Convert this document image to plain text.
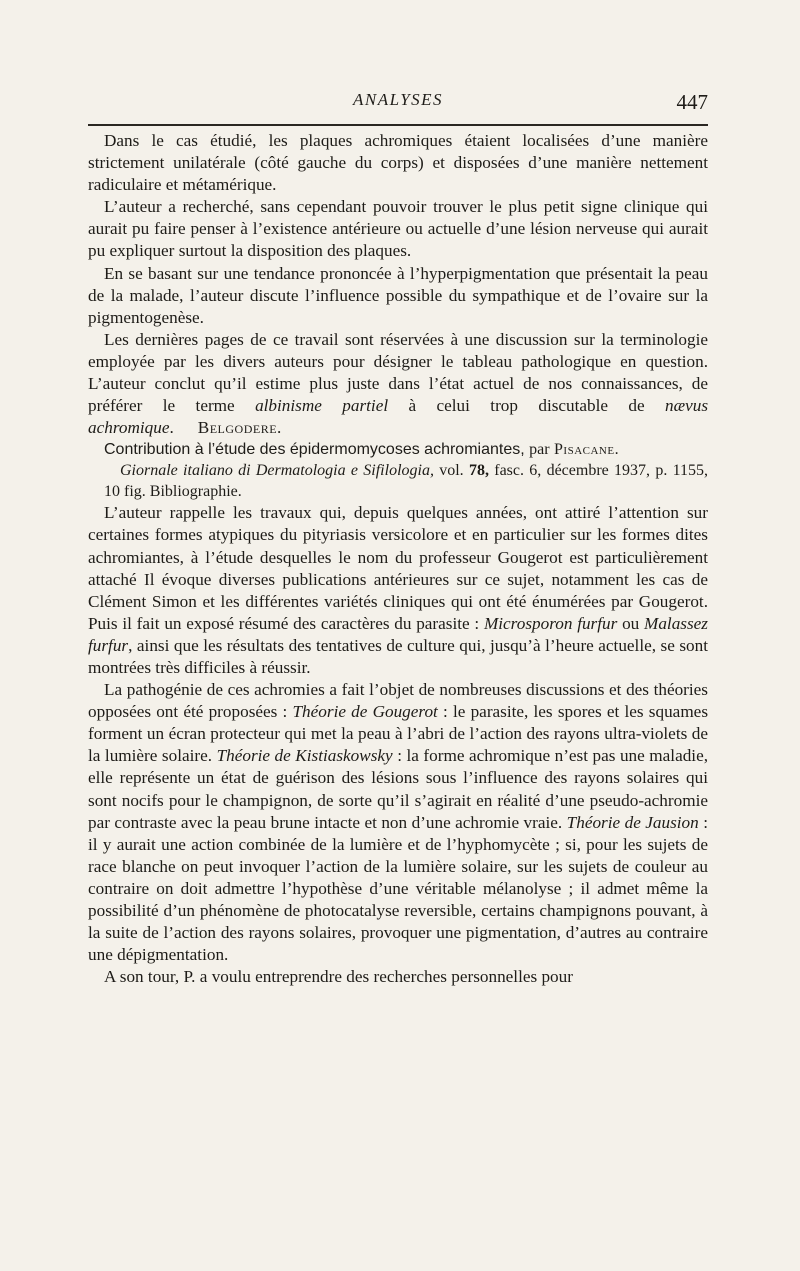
ANALYSES	447

Dans le cas étudié, les plaques achromiques étaient localisées d’une manière strictement unilatérale (côté gauche du corps) et disposées d’une manière nettement radiculaire et métamérique.

L’auteur a recherché, sans cependant pouvoir trouver le plus petit signe clinique qui aurait pu faire penser à l’existence antérieure ou actuelle d’une lésion nerveuse qui aurait pu expliquer surtout la disposition des plaques.

En se basant sur une tendance prononcée à l’hyperpigmentation que présentait la peau de la malade, l’auteur discute l’influence possible du sympathique et de l’ovaire sur la pigmentogenèse.

Les dernières pages de ce travail sont réservées à une discussion sur la terminologie employée par les divers auteurs pour désigner le tableau pathologique en question. L’auteur conclut qu’il estime plus juste dans l’état actuel de nos connaissances, de préférer le terme albinisme partiel à celui trop discutable de nævus achromique. Belgodere.

Contribution à l’étude des épidermomycoses achromiantes, par Pisacane.

Giornale italiano di Dermatologia e Sifilologia, vol. 78, fasc. 6, décembre 1937, p. 1155, 10 fig. Bibliographie.

L’auteur rappelle les travaux qui, depuis quelques années, ont attiré l’attention sur certaines formes atypiques du pityriasis versicolore et en particulier sur les formes dites achromiantes, à l’étude desquelles le nom du professeur Gougerot est particulièrement attaché Il évoque diverses publications antérieures sur ce sujet, notamment les cas de Clément Simon et les différentes variétés cliniques qui ont été énumérées par Gougerot. Puis il fait un exposé résumé des caractères du parasite : Microsporon furfur ou Malassez furfur, ainsi que les résultats des tentatives de culture qui, jusqu’à l’heure actuelle, se sont montrées très difficiles à réussir.

La pathogénie de ces achromies a fait l’objet de nombreuses discussions et des théories opposées ont été proposées : Théorie de Gougerot : le parasite, les spores et les squames forment un écran protecteur qui met la peau à l’abri de l’action des rayons ultra-violets de la lumière solaire. Théorie de Kistiaskowsky : la forme achromique n’est pas une maladie, elle représente un état de guérison des lésions sous l’influence des rayons solaires qui sont nocifs pour le champignon, de sorte qu’il s’agirait en réalité d’une pseudo-achromie par contraste avec la peau brune intacte et non d’une achromie vraie. Théorie de Jausion : il y aurait une action combinée de la lumière et de l’hyphomycète ; si, pour les sujets de race blanche on peut invoquer l’action de la lumière solaire, sur les sujets de couleur au contraire on doit admettre l’hypothèse d’une véritable mélanolyse ; il admet même la possibilité d’un phénomène de photocatalyse reversible, certains champignons pouvant, à la suite de l’action des rayons solaires, provoquer une pigmentation, d’autres au contraire une dépigmentation.

A son tour, P. a voulu entreprendre des recherches personnelles pour
